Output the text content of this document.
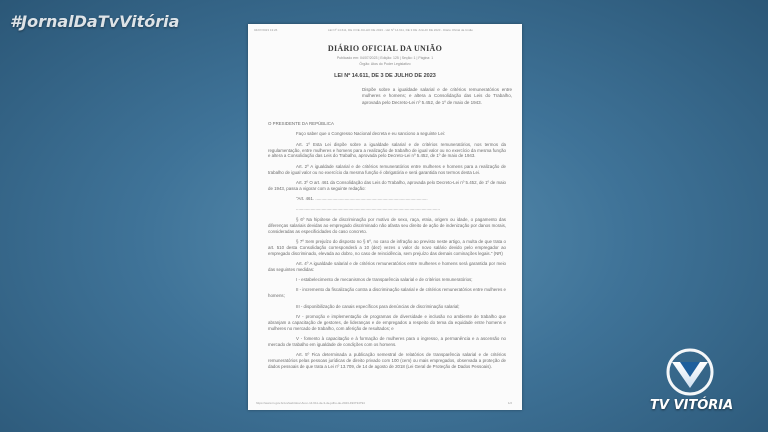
#JornalDaTvVitória	04/07/2023 13:26	LEI Nº 14.611, DE 3 DE JULHO DE 2023 - LEI Nº 14.611, DE 3 DE JULHO DE 2023 - Diário Oficial da União
DIÁRIO OFICIAL DA UNIÃO
Publicado em: 04/07/2023 | Edição: 125 | Seção: 1 | Página: 1
Órgão: Atos do Poder Legislativo
LEI Nº 14.611, DE 3 DE JULHO DE 2023
Dispõe sobre a igualdade salarial e de critérios remuneratórios entre mulheres e homens; e altera a Consolidação das Leis do Trabalho, aprovada pelo Decreto-Lei nº 5.452, de 1º de maio de 1943.

O PRESIDENTE DA REPÚBLICA

Faço saber que o Congresso Nacional decreta e eu sanciono a seguinte Lei:

Art. 1º Esta Lei dispõe sobre a igualdade salarial e de critérios remuneratórios, nos termos da regulamentação, entre mulheres e homens para a realização de trabalho de igual valor ou no exercício da mesma função e altera a Consolidação das Leis do Trabalho, aprovada pelo Decreto-Lei nº 5.452, de 1º de maio de 1943.

Art. 2º A igualdade salarial e de critérios remuneratórios entre mulheres e homens para a realização de trabalho de igual valor ou no exercício da mesma função é obrigatória e será garantida nos termos desta Lei.

Art. 3º O art. 461 da Consolidação das Leis do Trabalho, aprovada pelo Decreto-Lei nº 5.452, de 1º de maio de 1943, passa a vigorar com a seguinte redação:

"Art. 461. ............................................................................................

......................................................................................................................

§ 6º Na hipótese de discriminação por motivo de sexo, raça, etnia, origem ou idade, o pagamento das diferenças salariais devidas ao empregado discriminado não afasta seu direito de ação de indenização por danos morais, consideradas as especificidades do caso concreto.

§ 7º Sem prejuízo do disposto no § 6º, no caso de infração ao previsto neste artigo, a multa de que trata o art. 510 desta Consolidação corresponderá a 10 (dez) vezes o valor do novo salário devido pelo empregador ao empregado discriminado, elevada ao dobro, no caso de reincidência, sem prejuízo das demais cominações legais." (NR)

Art. 4º A igualdade salarial e de critérios remuneratórios entre mulheres e homens será garantida por meio das seguintes medidas:

I - estabelecimento de mecanismos de transparência salarial e de critérios remuneratórios;

II - incremento da fiscalização contra a discriminação salarial e de critérios remuneratórios entre mulheres e homens;

III - disponibilização de canais específicos para denúncias de discriminação salarial;

IV - promoção e implementação de programas de diversidade e inclusão no ambiente de trabalho que abranjam a capacitação de gestores, de lideranças e de empregados a respeito do tema da equidade entre homens e mulheres no mercado de trabalho, com aferição de resultados; e

V - fomento à capacitação e à formação de mulheres para o ingresso, a permanência e a ascensão no mercado de trabalho em igualdade de condições com os homens.

Art. 5º Fica determinada a publicação semestral de relatórios de transparência salarial e de critérios remuneratórios pelas pessoas jurídicas de direito privado com 100 (cem) ou mais empregados, observada a proteção de dados pessoais de que trata a Lei nº 13.709, de 14 de agosto de 2018 (Lei Geral de Proteção de Dados Pessoais).

https://www.in.gov.br/en/web/dou/-/lei-n-14.611-de-3-de-julho-de-2023-493734794	1/2	TV VITÓRIA
